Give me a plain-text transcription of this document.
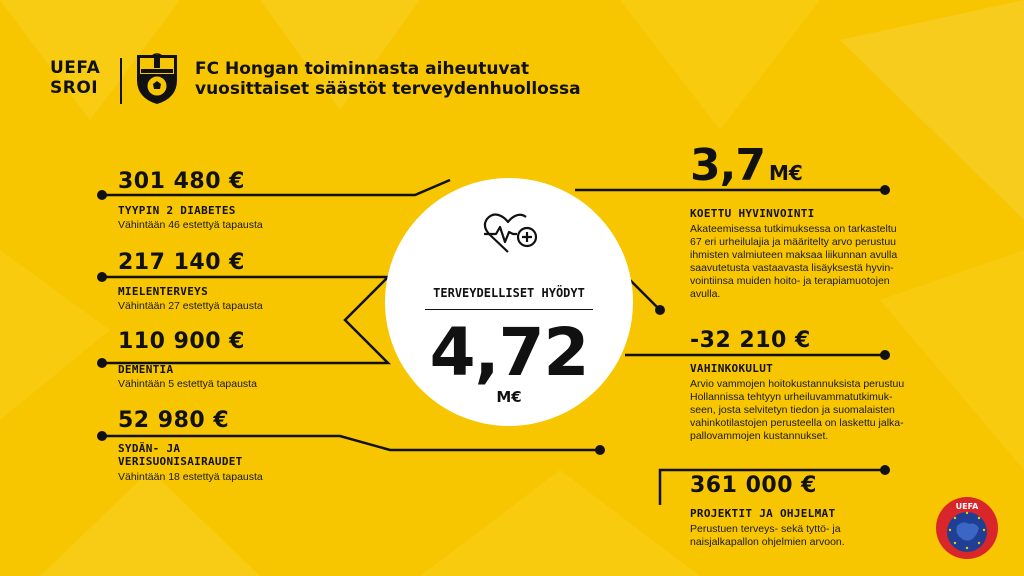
UEFA
SROI
FC Hongan toiminnasta aiheutuvat
vuosittaiset säästöt terveydenhuollossa
301 480 €
TYYPIN 2 DIABETES
Vähintään 46 estettyä tapausta
217 140 €
MIELENTERVEYS
Vähintään 27 estettyä tapausta
110 900 €
DEMENTIA
Vähintään 5 estettyä tapausta
52 980 €
SYDÄN- JA
VERISUONISAIRAUDET
Vähintään 18 estettyä tapausta
TERVEYDELLISET HYÖDYT
4,72
M€
3,7 M€
KOETTU HYVINVOINTI
Akateemisessa tutkimuksessa on tarkasteltu
67 eri urheilulajia ja määritelty arvo perustuu
ihmisten valmiuteen maksaa liikunnan avulla
saavutetusta vastaavasta lisäyksestä hyvin-
vointiinsa muiden hoito- ja terapiamuotojen
avulla.
-32 210 €
VAHINKOKULUT
Arvio vammojen hoitokustannuksista perustuu
Hollannissa tehtyyn urheiluvammatutkimuk-
seen, josta selvitetyn tiedon ja suomalaisten
vahinkotilastojen perusteella on laskettu jalka-
pallovammojen kustannukset.
361 000 €
PROJEKTIT JA OHJELMAT
Perustuen terveys- sekä tyttö- ja
naisjalkapallon ohjelmien arvoon.
UEFA
